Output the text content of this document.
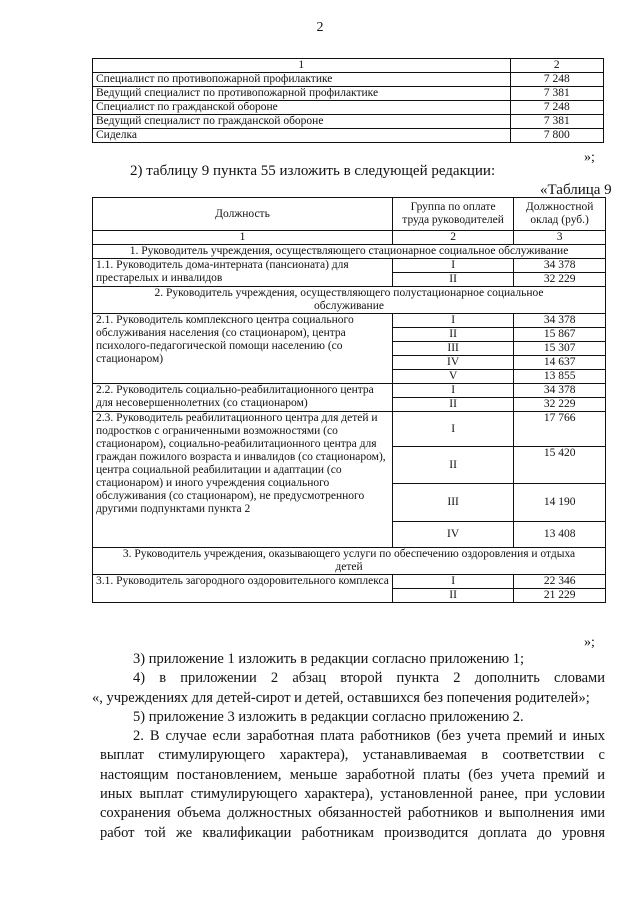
2
1	2
Специалист по противопожарной профилактике	7 248
Ведущий специалист по противопожарной профилактике	7 381
Специалист по гражданской обороне	7 248
Ведущий специалист по гражданской обороне	7 381
Сиделка	7 800
»;
2) таблицу 9 пункта 55 изложить в следующей редакции:
«Таблица 9
Должность	Группа по оплате труда руководителей	Должностной оклад (руб.)
1	2	3
1. Руководитель учреждения, осуществляющего стационарное социальное обслуживание		
1.1. Руководитель дома-интерната (пансионата) для престарелых и инвалидов	I	34 378
	II	32 229
2. Руководитель учреждения, осуществляющего полустационарное социальное обслуживание		
2.1. Руководитель комплексного центра социального обслуживания населения (со стационаром), центра психолого-педагогической помощи населению (со стационаром)	I	34 378
	II	15 867
	III	15 307
	IV	14 637
	V	13 855
2.2. Руководитель социально-реабилитационного центра для несовершеннолетних (со стационаром)	I	34 378
	II	32 229
2.3. Руководитель реабилитационного центра для детей и подростков с ограниченными возможностями (со стационаром), социально-реабилитационного центра для граждан пожилого возраста и инвалидов (со стационаром), центра социальной реабилитации и адаптации (со стационаром) и иного учреждения социального обслуживания (со стационаром), не предусмотренного другими подпунктами пункта 2	I	17 766
	II	15 420
	III	14 190
	IV	13 408
3. Руководитель учреждения, оказывающего услуги по обеспечению оздоровления и отдыха детей		
3.1. Руководитель загородного оздоровительного комплекса	I	22 346
	II	21 229
»;
3) приложение 1 изложить в редакции согласно приложению 1;
4) в приложении 2 абзац второй пункта 2 дополнить словами
«, учреждениях для детей-сирот и детей, оставшихся без попечения родителей»;
5) приложение 3 изложить в редакции согласно приложению 2.
2. В случае если заработная плата работников (без учета премий и иных
выплат стимулирующего характера), устанавливаемая в соответствии с
настоящим постановлением, меньше заработной платы (без учета премий и
иных выплат стимулирующего характера), установленной ранее, при условии
сохранения объема должностных обязанностей работников и выполнения ими
работ той же квалификации работникам производится доплата до уровня
